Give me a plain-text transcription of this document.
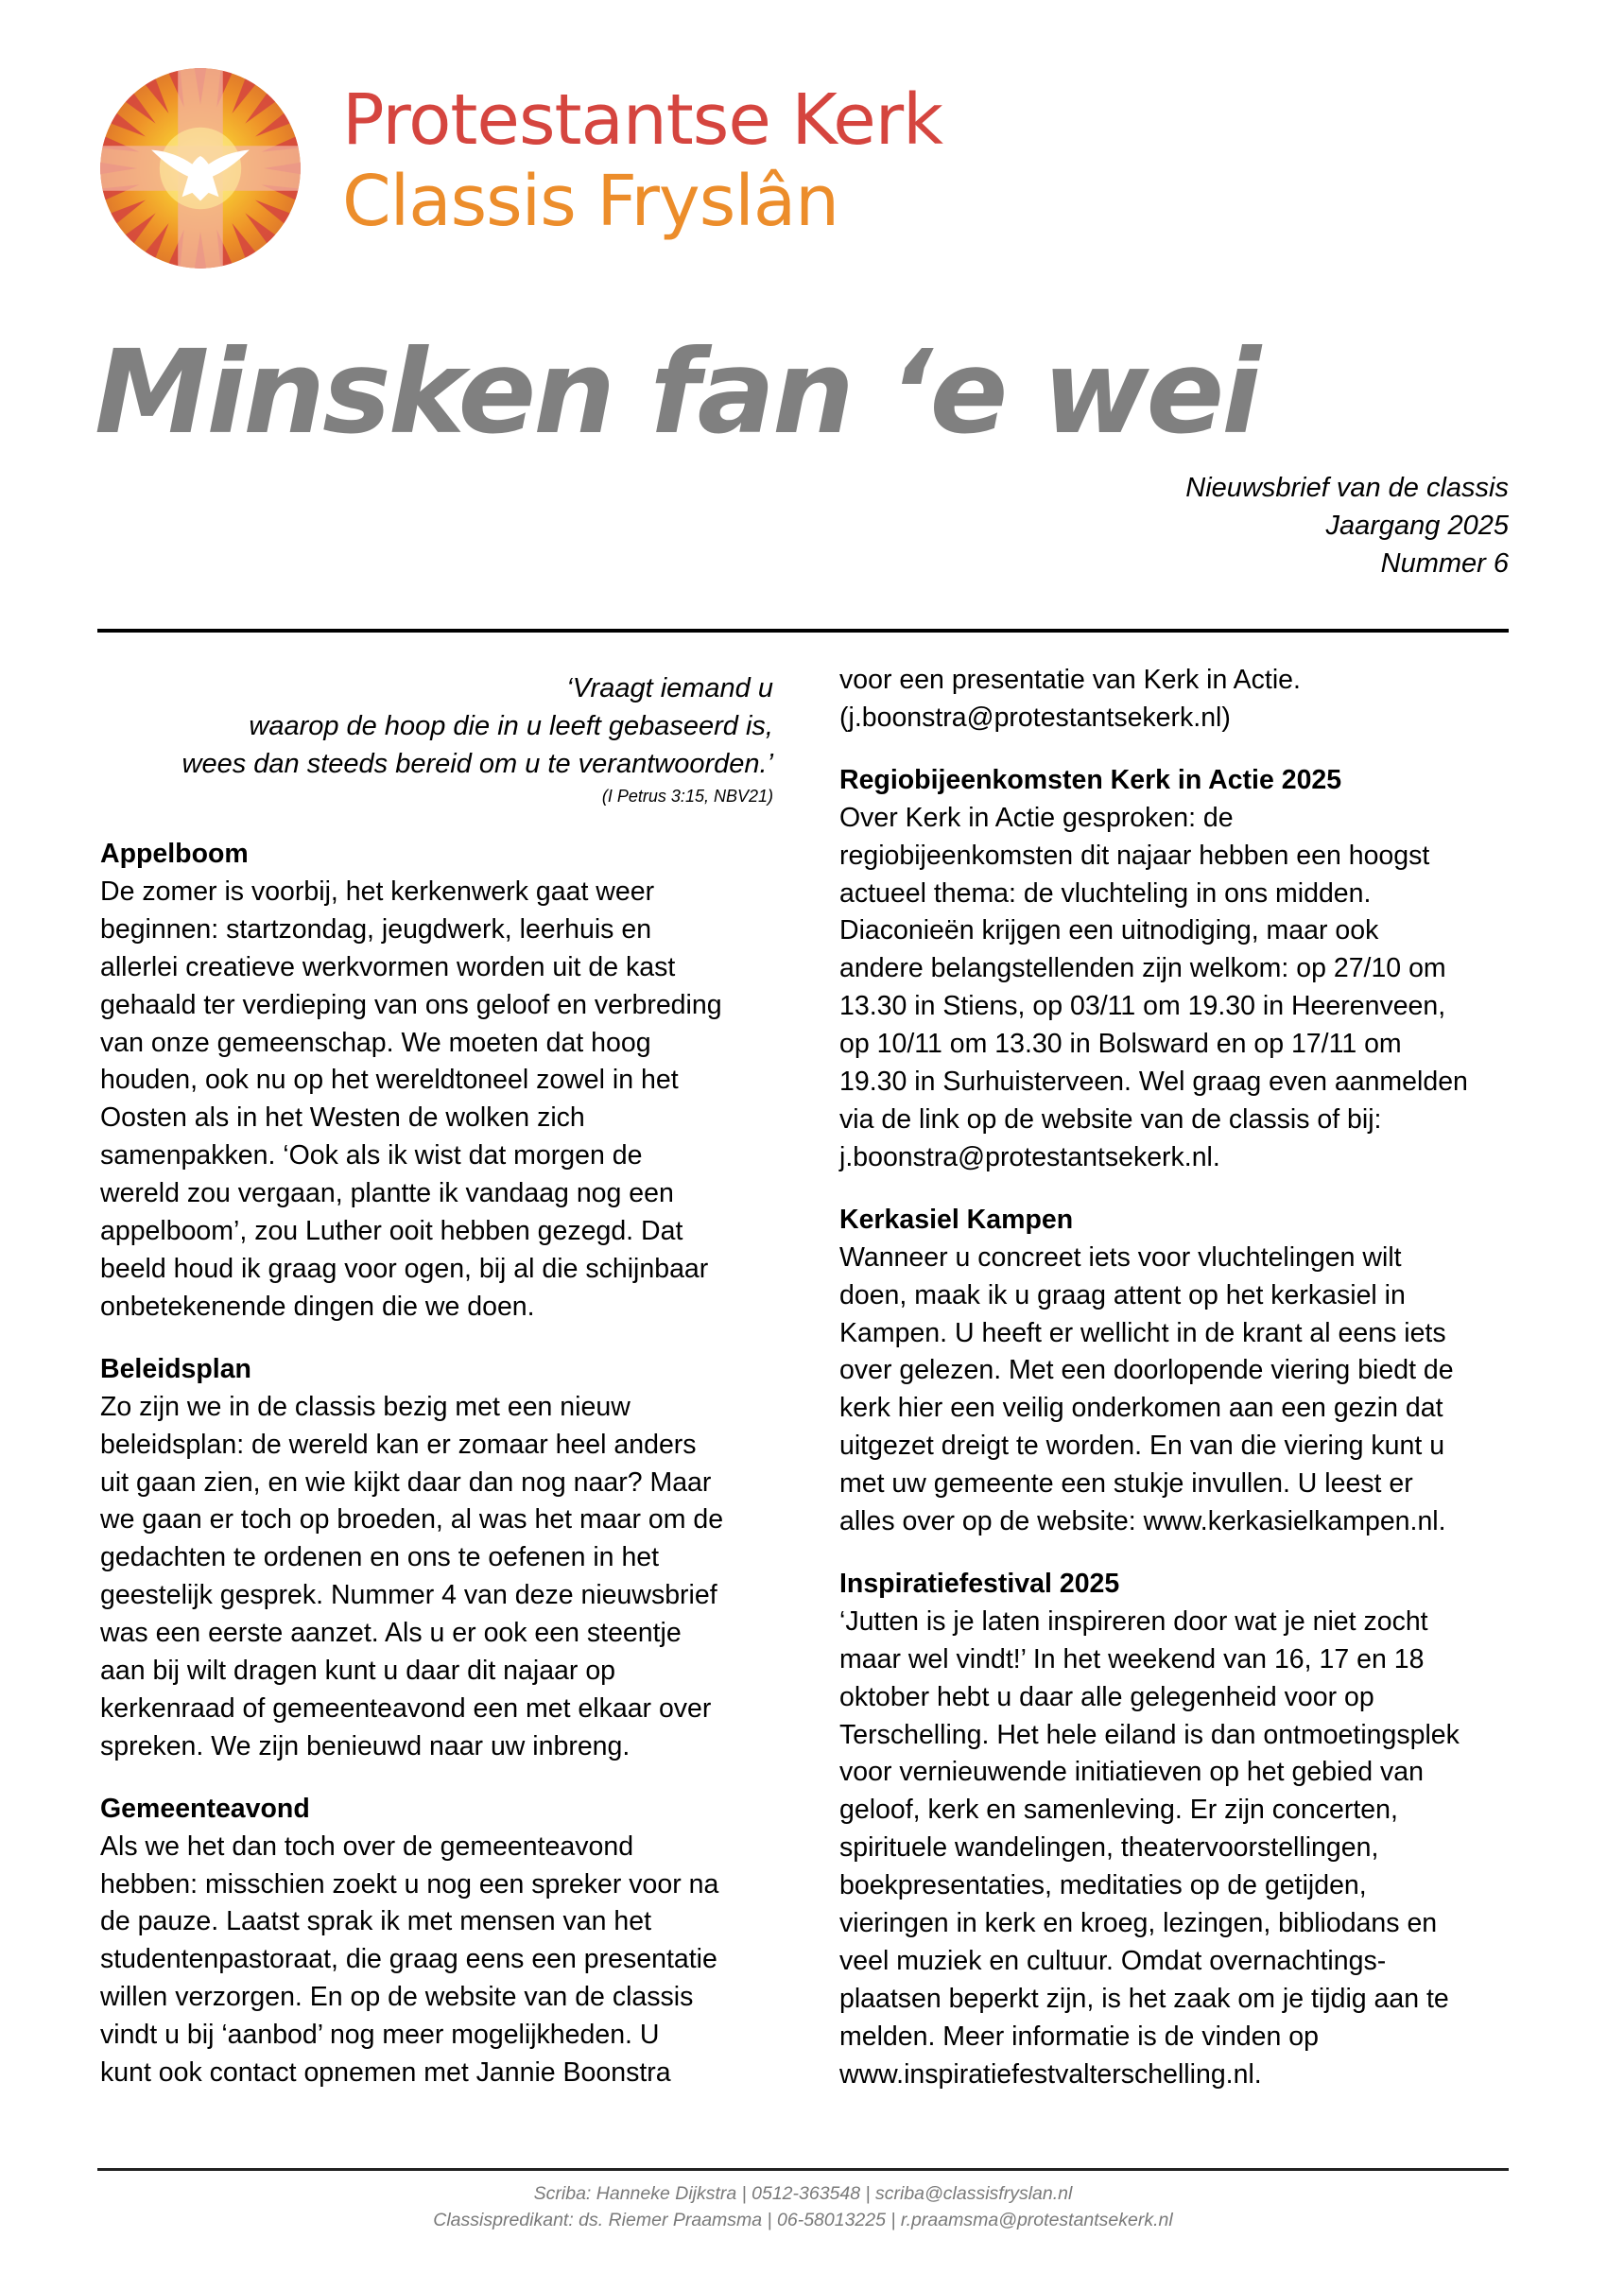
Protestantse Kerk
Classis Fryslân
Minsken fan ‘e wei
Nieuwsbrief van de classis
Jaargang 2025
Nummer 6
‘Vraagt iemand u
waarop de hoop die in u leeft gebaseerd is,
wees dan steeds bereid om u te verantwoorden.’
(I Petrus 3:15, NBV21)
Appelboom
De zomer is voorbij, het kerkenwerk gaat weer
beginnen: startzondag, jeugdwerk, leerhuis en
allerlei creatieve werkvormen worden uit de kast
gehaald ter verdieping van ons geloof en verbreding
van onze gemeenschap. We moeten dat hoog
houden, ook nu op het wereldtoneel zowel in het
Oosten als in het Westen de wolken zich
samenpakken. ‘Ook als ik wist dat morgen de
wereld zou vergaan, plantte ik vandaag nog een
appelboom’, zou Luther ooit hebben gezegd. Dat
beeld houd ik graag voor ogen, bij al die schijnbaar
onbetekenende dingen die we doen.
Beleidsplan
Zo zijn we in de classis bezig met een nieuw
beleidsplan: de wereld kan er zomaar heel anders
uit gaan zien, en wie kijkt daar dan nog naar? Maar
we gaan er toch op broeden, al was het maar om de
gedachten te ordenen en ons te oefenen in het
geestelijk gesprek. Nummer 4 van deze nieuwsbrief
was een eerste aanzet. Als u er ook een steentje
aan bij wilt dragen kunt u daar dit najaar op
kerkenraad of gemeenteavond een met elkaar over
spreken. We zijn benieuwd naar uw inbreng.
Gemeenteavond
Als we het dan toch over de gemeenteavond
hebben: misschien zoekt u nog een spreker voor na
de pauze. Laatst sprak ik met mensen van het
studentenpastoraat, die graag eens een presentatie
willen verzorgen. En op de website van de classis
vindt u bij ‘aanbod’ nog meer mogelijkheden. U
kunt ook contact opnemen met Jannie Boonstra
voor een presentatie van Kerk in Actie.
(j.boonstra@protestantsekerk.nl)
Regiobijeenkomsten Kerk in Actie 2025
Over Kerk in Actie gesproken: de
regiobijeenkomsten dit najaar hebben een hoogst
actueel thema: de vluchteling in ons midden.
Diaconieën krijgen een uitnodiging, maar ook
andere belangstellenden zijn welkom: op 27/10 om
13.30 in Stiens, op 03/11 om 19.30 in Heerenveen,
op 10/11 om 13.30 in Bolsward en op 17/11 om
19.30 in Surhuisterveen. Wel graag even aanmelden
via de link op de website van de classis of bij:
j.boonstra@protestantsekerk.nl.
Kerkasiel Kampen
Wanneer u concreet iets voor vluchtelingen wilt
doen, maak ik u graag attent op het kerkasiel in
Kampen. U heeft er wellicht in de krant al eens iets
over gelezen. Met een doorlopende viering biedt de
kerk hier een veilig onderkomen aan een gezin dat
uitgezet dreigt te worden. En van die viering kunt u
met uw gemeente een stukje invullen. U leest er
alles over op de website: www.kerkasielkampen.nl.
Inspiratiefestival 2025
‘Jutten is je laten inspireren door wat je niet zocht
maar wel vindt!’ In het weekend van 16, 17 en 18
oktober hebt u daar alle gelegenheid voor op
Terschelling. Het hele eiland is dan ontmoetingsplek
voor vernieuwende initiatieven op het gebied van
geloof, kerk en samenleving. Er zijn concerten,
spirituele wandelingen, theatervoorstellingen,
boekpresentaties, meditaties op de getijden,
vieringen in kerk en kroeg, lezingen, bibliodans en
veel muziek en cultuur. Omdat overnachtings-
plaatsen beperkt zijn, is het zaak om je tijdig aan te
melden. Meer informatie is de vinden op
www.inspiratiefestvalterschelling.nl.
Scriba: Hanneke Dijkstra | 0512-363548 | scriba@classisfryslan.nl
Classispredikant: ds. Riemer Praamsma | 06-58013225 | r.praamsma@protestantsekerk.nl
